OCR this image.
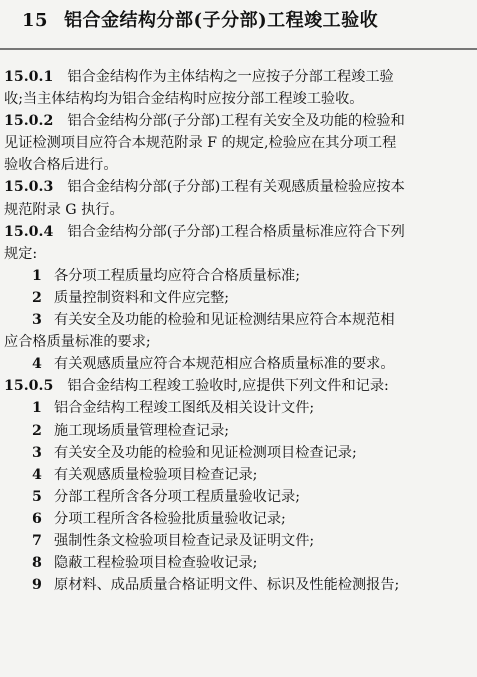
15 铝合金结构分部(子分部)工程竣工验收
15.0.1 铝合金结构作为主体结构之一应按子分部工程竣工验
收;当主体结构均为铝合金结构时应按分部工程竣工验收。
15.0.2 铝合金结构分部(子分部)工程有关安全及功能的检验和
见证检测项目应符合本规范附录 F 的规定,检验应在其分项工程
验收合格后进行。
15.0.3 铝合金结构分部(子分部)工程有关观感质量检验应按本
规范附录 G 执行。
15.0.4 铝合金结构分部(子分部)工程合格质量标准应符合下列
规定:
1 各分项工程质量均应符合合格质量标准;
2 质量控制资料和文件应完整;
3 有关安全及功能的检验和见证检测结果应符合本规范相
应合格质量标准的要求;
4 有关观感质量应符合本规范相应合格质量标准的要求。
15.0.5 铝合金结构工程竣工验收时,应提供下列文件和记录:
1 铝合金结构工程竣工图纸及相关设计文件;
2 施工现场质量管理检查记录;
3 有关安全及功能的检验和见证检测项目检查记录;
4 有关观感质量检验项目检查记录;
5 分部工程所含各分项工程质量验收记录;
6 分项工程所含各检验批质量验收记录;
7 强制性条文检验项目检查记录及证明文件;
8 隐蔽工程检验项目检查验收记录;
9 原材料、成品质量合格证明文件、标识及性能检测报告;
